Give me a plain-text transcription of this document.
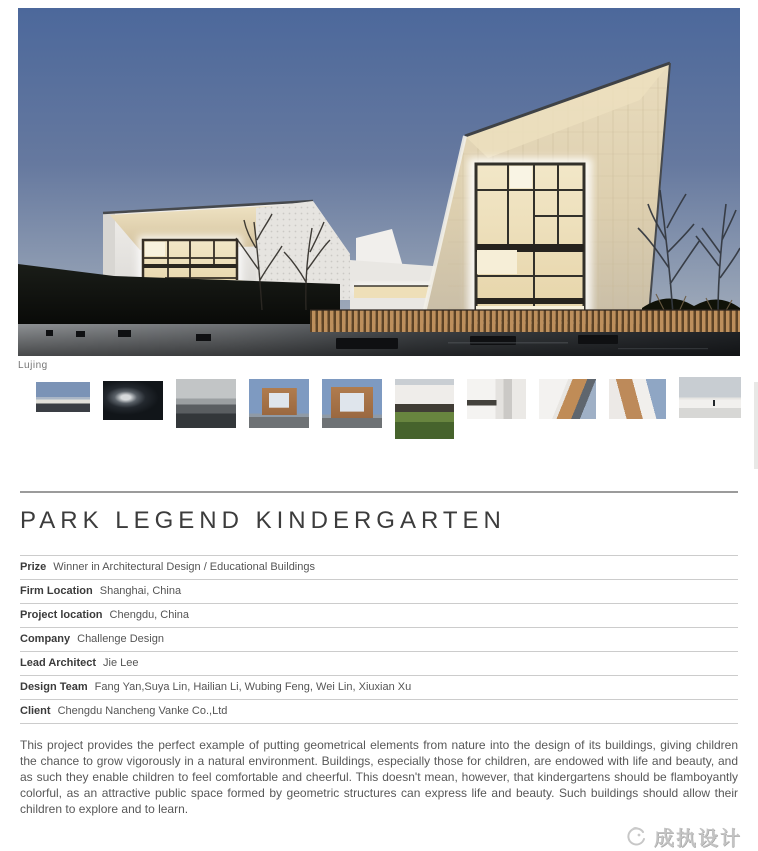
Lujing
PARK LEGEND KINDERGARTEN
Prize Winner in Architectural Design / Educational Buildings
Firm Location Shanghai, China
Project location Chengdu, China
Company Challenge Design
Lead Architect Jie Lee
Design Team Fang Yan,Suya Lin, Hailian Li, Wubing Feng, Wei Lin, Xiuxian Xu
Client Chengdu Nancheng Vanke Co.,Ltd

This project provides the perfect example of putting geometrical elements from nature into the design of its buildings, giving children the chance to grow vigorously in a natural environment. Buildings, especially those for children, are endowed with life and beauty, and as such they enable children to feel comfortable and cheerful. This doesn't mean, however, that kindergartens should be flamboyantly colorful, as an attractive public space formed by geometric structures can express life and beauty. Such buildings should allow their children to explore and to learn.

成执设计
